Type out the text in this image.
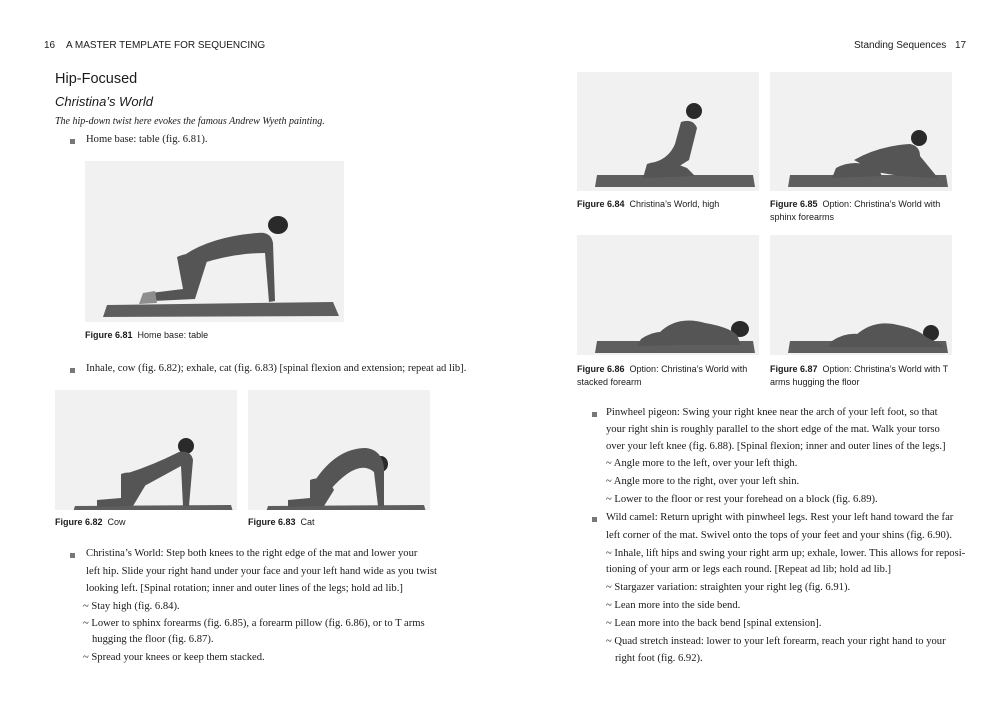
16 A MASTER TEMPLATE FOR SEQUENCING	Standing Sequences 17
Hip-Focused
Christina’s World
The hip-down twist here evokes the famous Andrew Wyeth painting.
Home base: table (fig. 6.81).
Figure 6.81 Home base: table
Inhale, cow (fig. 6.82); exhale, cat (fig. 6.83) [spinal flexion and extension; repeat ad lib].
Figure 6.82 Cow	Figure 6.83 Cat
Christina’s World: Step both knees to the right edge of the mat and lower your
left hip. Slide your right hand under your face and your left hand wide as you twist
looking left. [Spinal rotation; inner and outer lines of the legs; hold ad lib.]
~ Stay high (fig. 6.84).
~ Lower to sphinx forearms (fig. 6.85), a forearm pillow (fig. 6.86), or to T arms
hugging the floor (fig. 6.87).
~ Spread your knees or keep them stacked.
Figure 6.84 Christina’s World, high	Figure 6.85 Option: Christina’s World with
sphinx forearms
Figure 6.86 Option: Christina’s World with
stacked forearm
Figure 6.87 Option: Christina’s World with T
arms hugging the floor
Pinwheel pigeon: Swing your right knee near the arch of your left foot, so that
your right shin is roughly parallel to the short edge of the mat. Walk your torso
over your left knee (fig. 6.88). [Spinal flexion; inner and outer lines of the legs.]
~ Angle more to the left, over your left thigh.
~ Angle more to the right, over your left shin.
~ Lower to the floor or rest your forehead on a block (fig. 6.89).
Wild camel: Return upright with pinwheel legs. Rest your left hand toward the far
left corner of the mat. Swivel onto the tops of your feet and your shins (fig. 6.90).
~ Inhale, lift hips and swing your right arm up; exhale, lower. This allows for reposi-
tioning of your arm or legs each round. [Repeat ad lib; hold ad lib.]
~ Stargazer variation: straighten your right leg (fig. 6.91).
~ Lean more into the side bend.
~ Lean more into the back bend [spinal extension].
~ Quad stretch instead: lower to your left forearm, reach your right hand to your
right foot (fig. 6.92).
